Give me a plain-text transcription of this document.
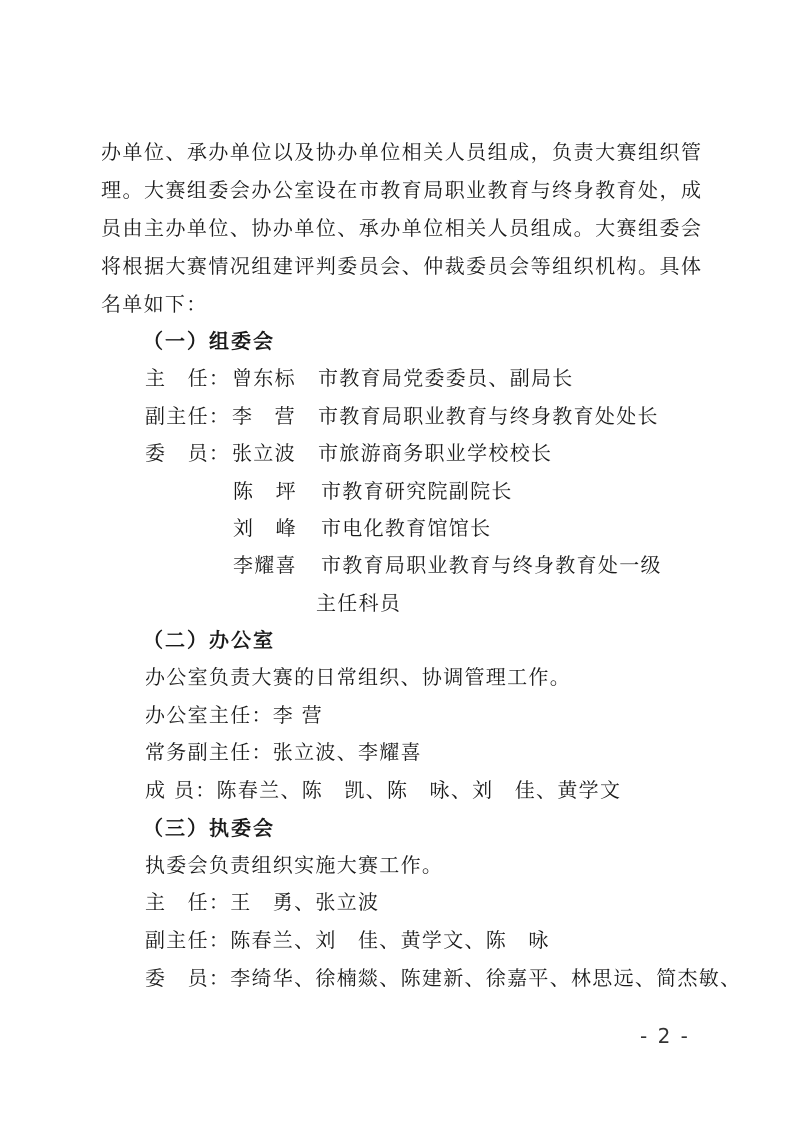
办单位、承办单位以及协办单位相关人员组成，负责大赛组织管
理。大赛组委会办公室设在市教育局职业教育与终身教育处，成
员由主办单位、协办单位、承办单位相关人员组成。大赛组委会
将根据大赛情况组建评判委员会、仲裁委员会等组织机构。具体
名单如下：
（一）组委会
主　任： 曾东标 市教育局党委委员、副局长
副主任： 李　营 市教育局职业教育与终身教育处处长
委　员： 张立波 市旅游商务职业学校校长
陈　坪 市教育研究院副院长
刘　峰 市电化教育馆馆长
李耀喜 市教育局职业教育与终身教育处一级
主任科员
（二）办公室
办公室负责大赛的日常组织、协调管理工作。
办公室主任：李 营
常务副主任：张立波、李耀喜
成 员：陈春兰、陈　凯、陈　咏、刘　佳、黄学文
（三）执委会
执委会负责组织实施大赛工作。
主　任：王　勇、张立波
副主任：陈春兰、刘　佳、黄学文、陈　咏
委　员：李绮华、徐楠燚、陈建新、徐嘉平、林思远、简杰敏、
- 2 -
